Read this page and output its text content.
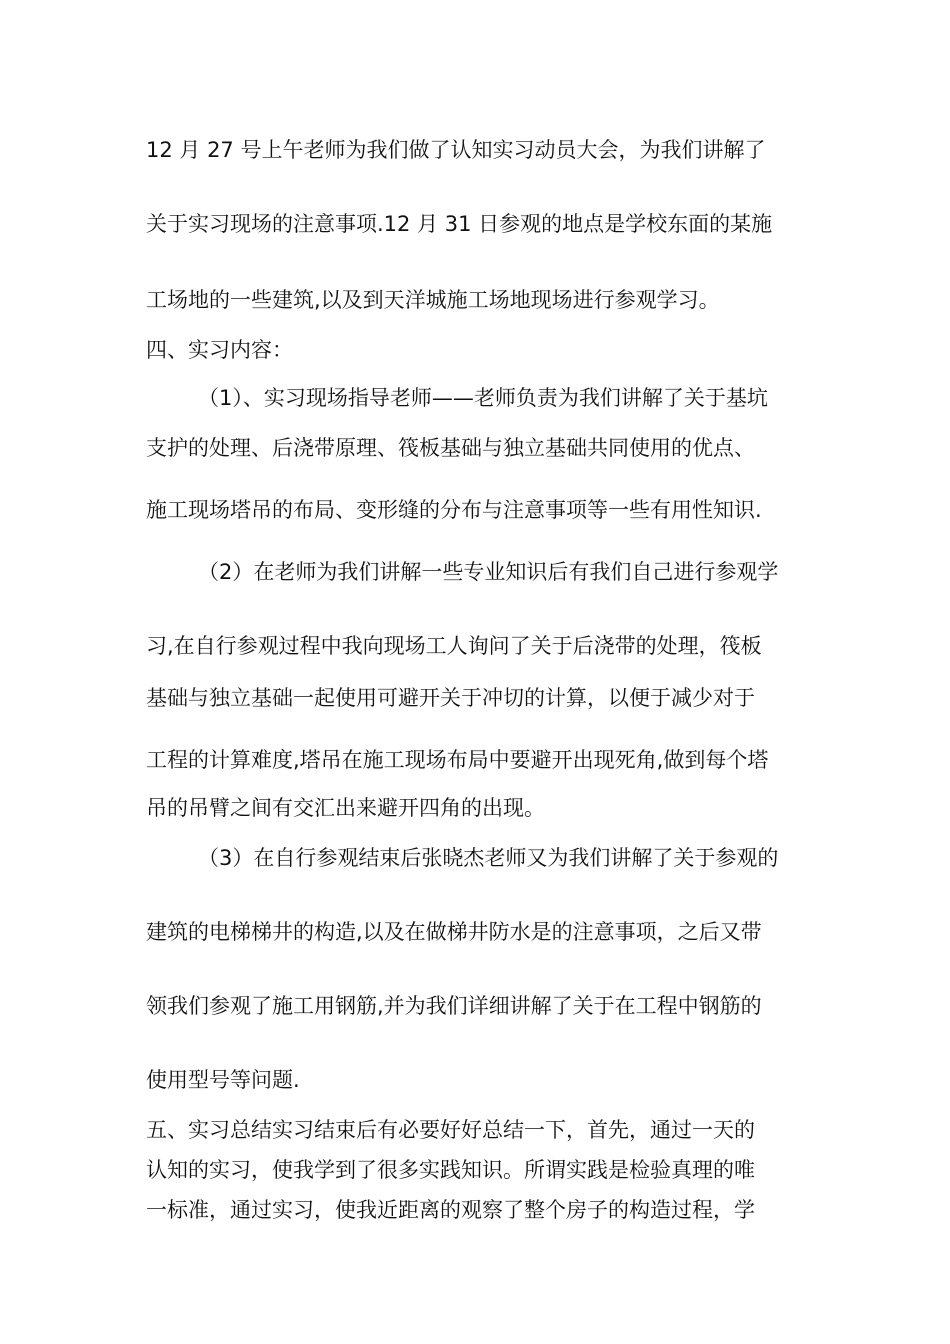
12 月 27 号上午老师为我们做了认知实习动员大会，为我们讲解了

关于实习现场的注意事项.12 月 31 日参观的地点是学校东面的某施

工场地的一些建筑,以及到天洋城施工场地现场进行参观学习。

四、实习内容：

（1）、实习现场指导老师——老师负责为我们讲解了关于基坑

支护的处理、后浇带原理、筏板基础与独立基础共同使用的优点、

施工现场塔吊的布局、变形缝的分布与注意事项等一些有用性知识.

（2）在老师为我们讲解一些专业知识后有我们自己进行参观学

习,在自行参观过程中我向现场工人询问了关于后浇带的处理，筏板

基础与独立基础一起使用可避开关于冲切的计算，以便于减少对于

工程的计算难度,塔吊在施工现场布局中要避开出现死角,做到每个塔

吊的吊臂之间有交汇出来避开四角的出现。

（3）在自行参观结束后张晓杰老师又为我们讲解了关于参观的

建筑的电梯梯井的构造,以及在做梯井防水是的注意事项，之后又带

领我们参观了施工用钢筋,并为我们详细讲解了关于在工程中钢筋的

使用型号等问题.

五、实习总结实习结束后有必要好好总结一下，首先，通过一天的

认知的实习，使我学到了很多实践知识。所谓实践是检验真理的唯

一标准，通过实习，使我近距离的观察了整个房子的构造过程，学
